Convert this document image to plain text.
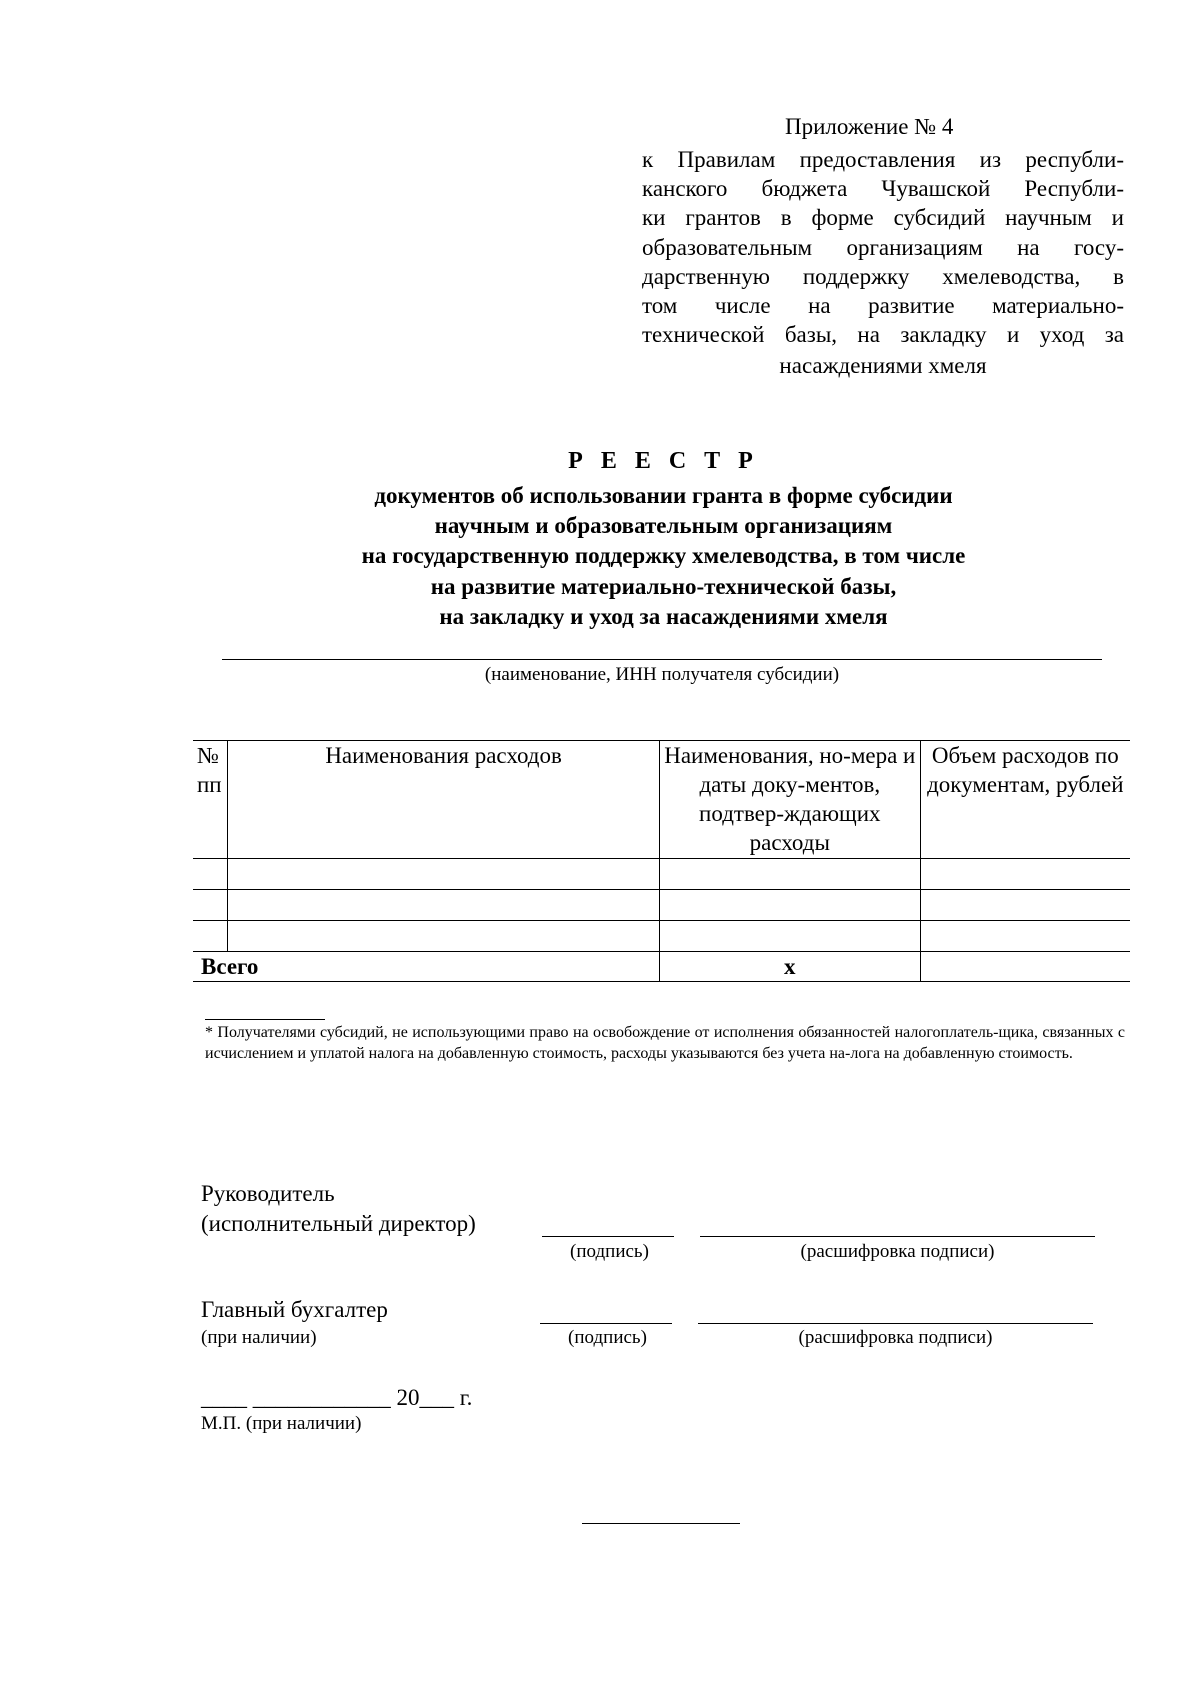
Приложение № 4
к Правилам предоставления из республи-
канского бюджета Чувашской Республи-
ки грантов в форме субсидий научным и
образовательным организациям на госу-
дарственную поддержку хмелеводства, в
том числе на развитие материально-
технической базы, на закладку и уход за
насаждениями хмеля
Р Е Е С Т Р
документов об использовании гранта в форме субсидии
научным и образовательным организациям
на государственную поддержку хмелеводства, в том числе
на развитие материально-технической базы,
на закладку и уход за насаждениями хмеля
(наименование, ИНН получателя субсидии)
№ пп	Наименования расходов	Наименования, но-мера и даты доку-ментов, подтвер-ждающих расходы	Объем расходов по документам, рублей

Всего		х	
* Получателями субсидий, не использующими право на освобождение от исполнения обязанностей налогоплатель-щика, связанных с исчислением и уплатой налога на добавленную стоимость, расходы указываются без учета на-лога на добавленную стоимость.
Руководитель
(исполнительный директор)
(подпись)	(расшифровка подписи)
Главный бухгалтер
(при наличии)	(подпись)	(расшифровка подписи)
____ ____________ 20___ г.
М.П. (при наличии)
